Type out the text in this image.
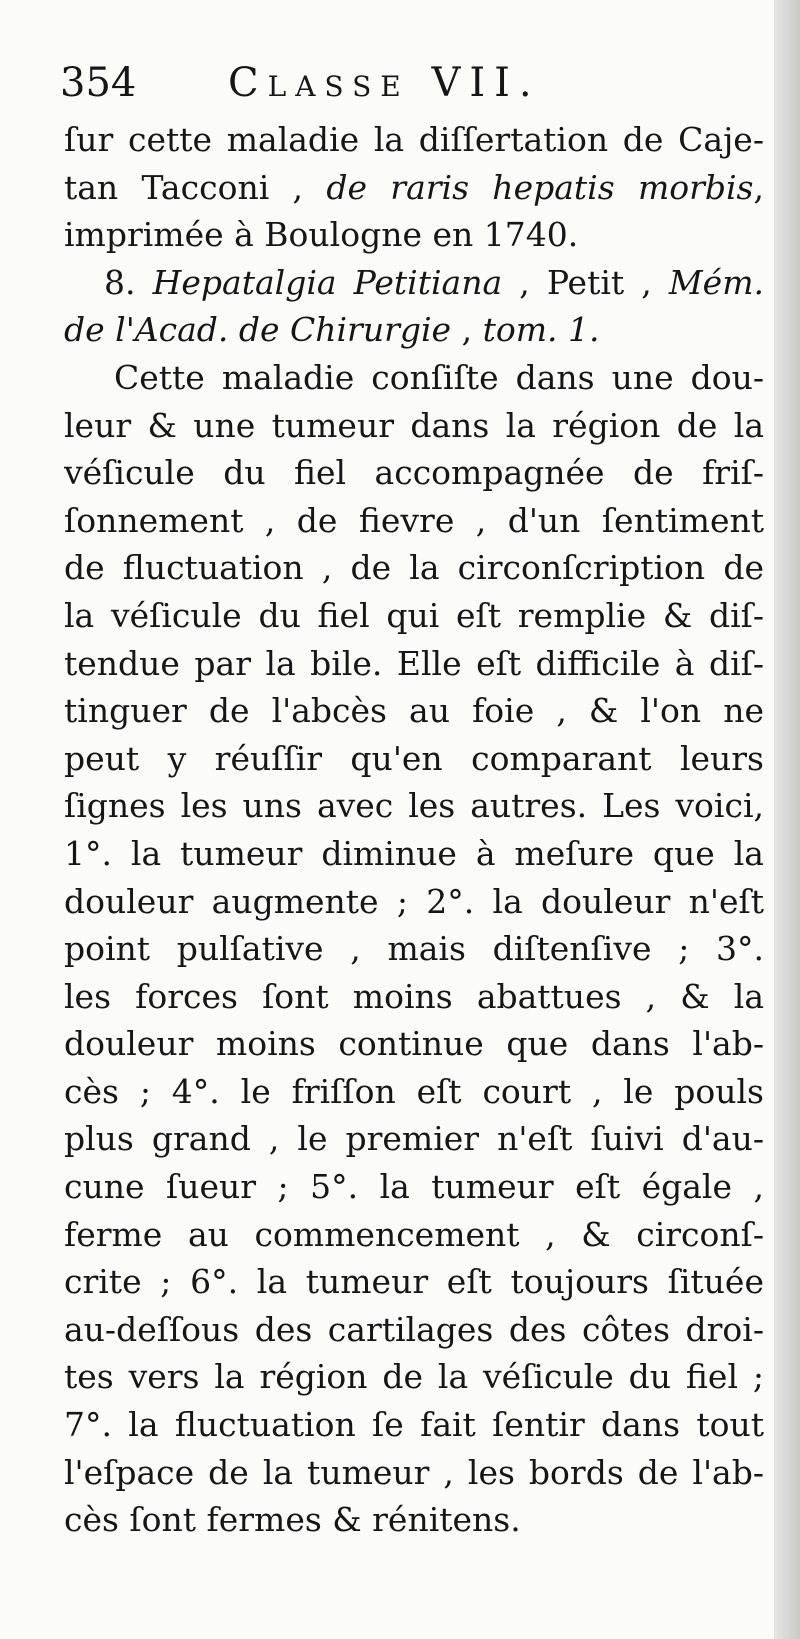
354 Classe VII.
ſur cette maladie la diſſertation de Caje-
tan Tacconi , de raris hepatis morbis,
imprimée à Boulogne en 1740.
8. Hepatalgia Petitiana , Petit , Mém.
de l'Acad. de Chirurgie , tom. 1.
Cette maladie conſiſte dans une dou-
leur & une tumeur dans la région de la
véſicule du fiel accompagnée de friſ-
ſonnement , de fievre , d'un ſentiment
de fluctuation , de la circonſcription de
la véſicule du fiel qui eſt remplie & diſ-
tendue par la bile. Elle eſt difficile à diſ-
tinguer de l'abcès au foie , & l'on ne
peut y réuſſir qu'en comparant leurs
ſignes les uns avec les autres. Les voici,
1°. la tumeur diminue à meſure que la
douleur augmente ; 2°. la douleur n'eſt
point pulſative , mais diſtenſive ; 3°.
les forces ſont moins abattues , & la
douleur moins continue que dans l'ab-
cès ; 4°. le friſſon eſt court , le pouls
plus grand , le premier n'eſt ſuivi d'au-
cune ſueur ; 5°. la tumeur eſt égale ,
ferme au commencement , & circonſ-
crite ; 6°. la tumeur eſt toujours ſituée
au-deſſous des cartilages des côtes droi-
tes vers la région de la véſicule du fiel ;
7°. la fluctuation ſe fait ſentir dans tout
l'eſpace de la tumeur , les bords de l'ab-
cès ſont fermes & rénitens.
